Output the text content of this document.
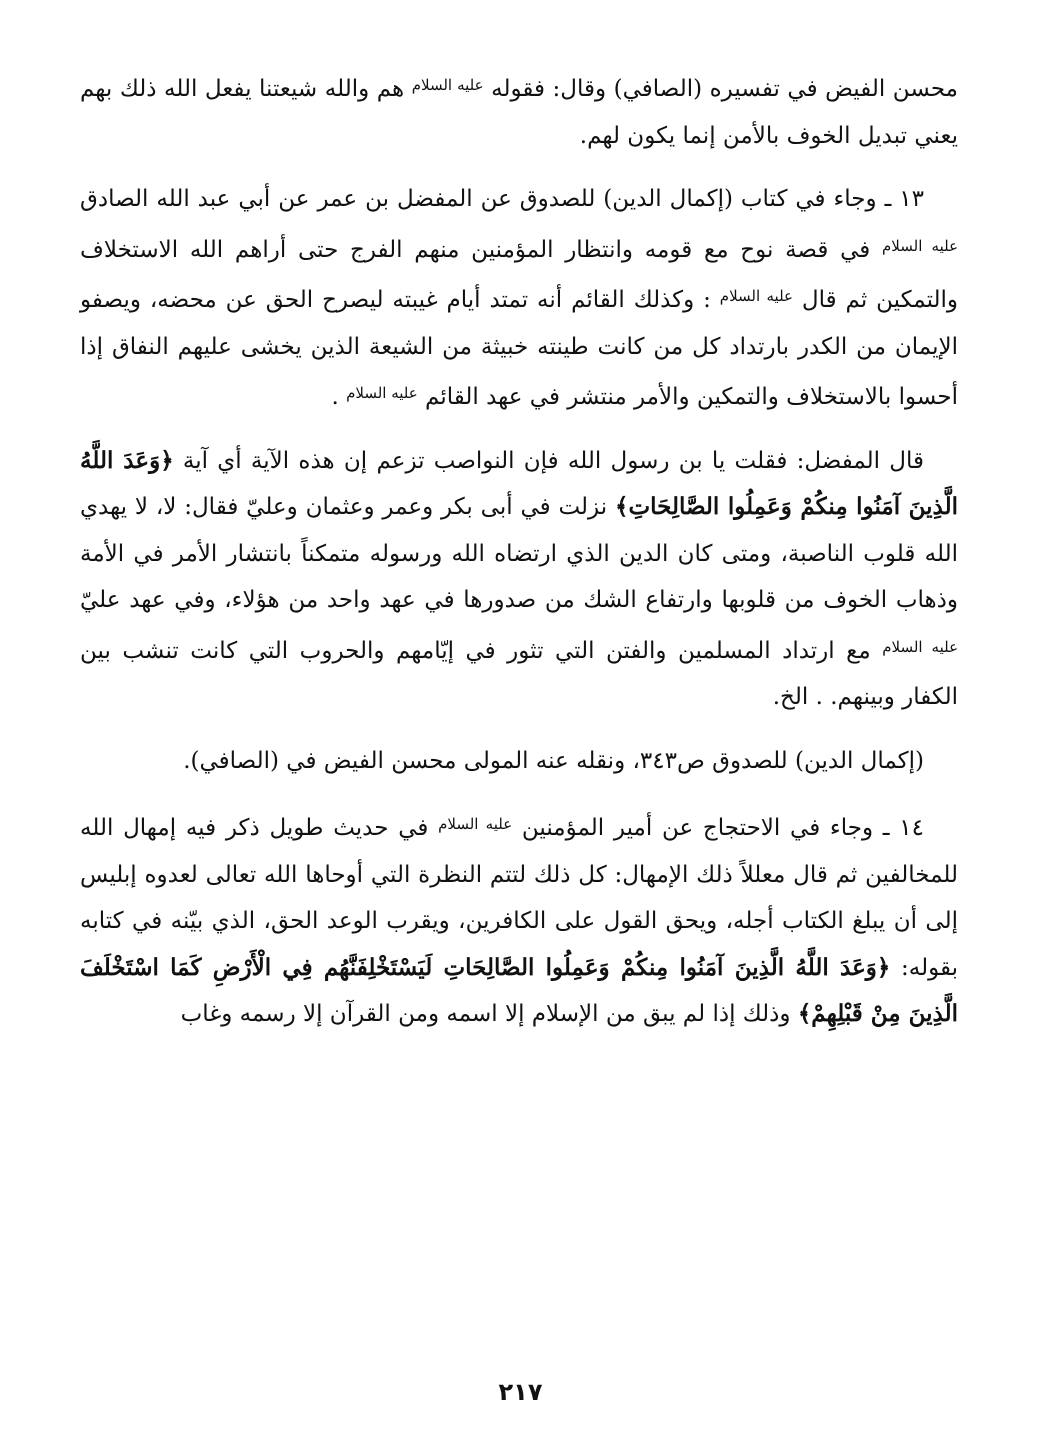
محسن الفيض في تفسيره (الصافي) وقال: فقوله $^{عليه السلام}$ هم والله شيعتنا يفعل الله ذلك بهم يعني تبديل الخوف بالأمن إنما يكون لهم.

١٣ ـ وجاء في كتاب (إكمال الدين) للصدوق عن المفضل بن عمر عن أبي عبد الله الصادق $^{عليه السلام}$ في قصة نوح مع قومه وانتظار المؤمنين منهم الفرج حتى أراهم الله الاستخلاف والتمكين ثم قال $^{عليه السلام}$ : وكذلك القائم أنه تمتد أيام غيبته ليصرح الحق عن محضه، ويصفو الإيمان من الكدر بارتداد كل من كانت طينته خبيثة من الشيعة الذين يخشى عليهم النفاق إذا أحسوا بالاستخلاف والتمكين والأمر منتشر في عهد القائم $^{عليه السلام}$ .

قال المفضل: فقلت يا بن رسول الله فإن النواصب تزعم إن هذه الآية أي آية ﴿وَعَدَ اللَّهُ الَّذِينَ آمَنُوا مِنكُمْ وَعَمِلُوا الصَّالِحَاتِ﴾ نزلت في أبى بكر وعمر وعثمان وعليّ فقال: لا، لا يهدي الله قلوب الناصبة، ومتى كان الدين الذي ارتضاه الله ورسوله متمكناً بانتشار الأمر في الأمة وذهاب الخوف من قلوبها وارتفاع الشك من صدورها في عهد واحد من هؤلاء، وفي عهد عليّ $^{عليه السلام}$ مع ارتداد المسلمين والفتن التي تثور في إيّامهم والحروب التي كانت تنشب بين الكفار وبينهم. . الخ.

(إكمال الدين) للصدوق ص٣٤٣، ونقله عنه المولى محسن الفيض في (الصافي).

١٤ ـ وجاء في الاحتجاج عن أمير المؤمنين $^{عليه السلام}$ في حديث طويل ذكر فيه إمهال الله للمخالفين ثم قال معللاً ذلك الإمهال: كل ذلك لتتم النظرة التي أوحاها الله تعالى لعدوه إبليس إلى أن يبلغ الكتاب أجله، ويحق القول على الكافرين، ويقرب الوعد الحق، الذي بيّنه في كتابه بقوله: ﴿وَعَدَ اللَّهُ الَّذِينَ آمَنُوا مِنكُمْ وَعَمِلُوا الصَّالِحَاتِ لَيَسْتَخْلِفَنَّهُم فِي الْأَرْضِ كَمَا اسْتَخْلَفَ الَّذِينَ مِنْ قَبْلِهِمْ﴾ وذلك إذا لم يبق من الإسلام إلا اسمه ومن القرآن إلا رسمه وغاب

٢١٧
